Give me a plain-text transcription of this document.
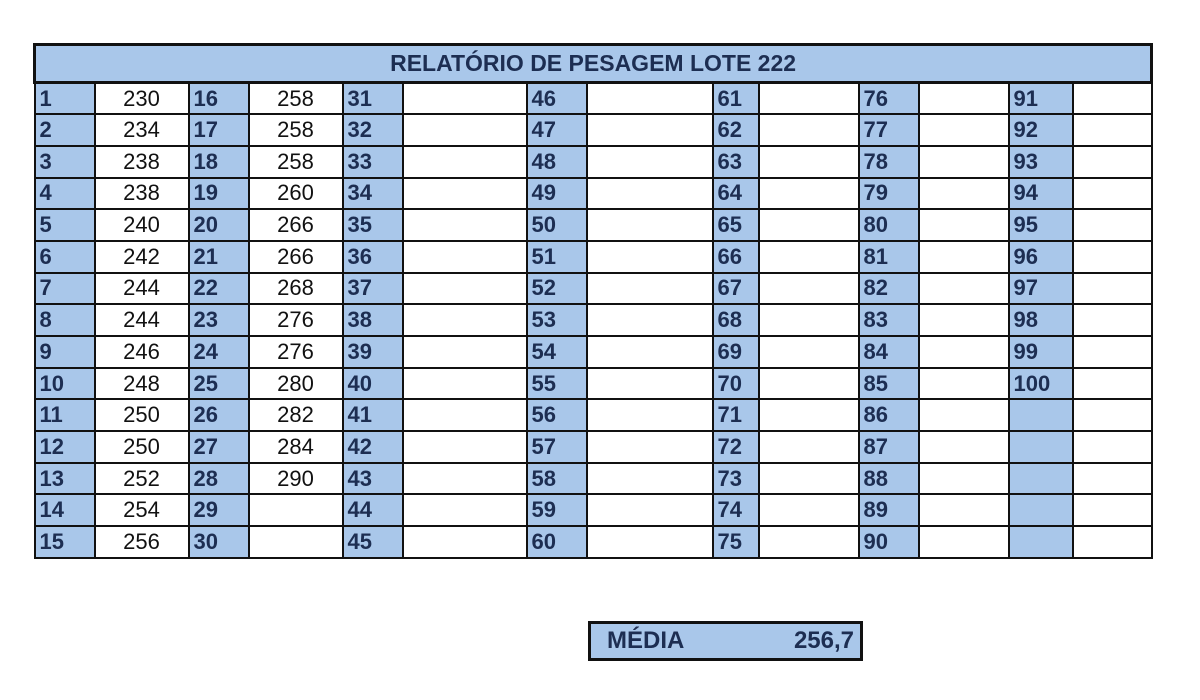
RELATÓRIO DE PESAGEM LOTE 222													
1	230	16	258	31		46		61		76		91	
2	234	17	258	32		47		62		77		92	
3	238	18	258	33		48		63		78		93	
4	238	19	260	34		49		64		79		94	
5	240	20	266	35		50		65		80		95	
6	242	21	266	36		51		66		81		96	
7	244	22	268	37		52		67		82		97	
8	244	23	276	38		53		68		83		98	
9	246	24	276	39		54		69		84		99	
10	248	25	280	40		55		70		85		100	
11	250	26	282	41		56		71		86			
12	250	27	284	42		57		72		87			
13	252	28	290	43		58		73		88			
14	254	29		44		59		74		89			
15	256	30		45		60		75		90			
MÉDIA	256,7
